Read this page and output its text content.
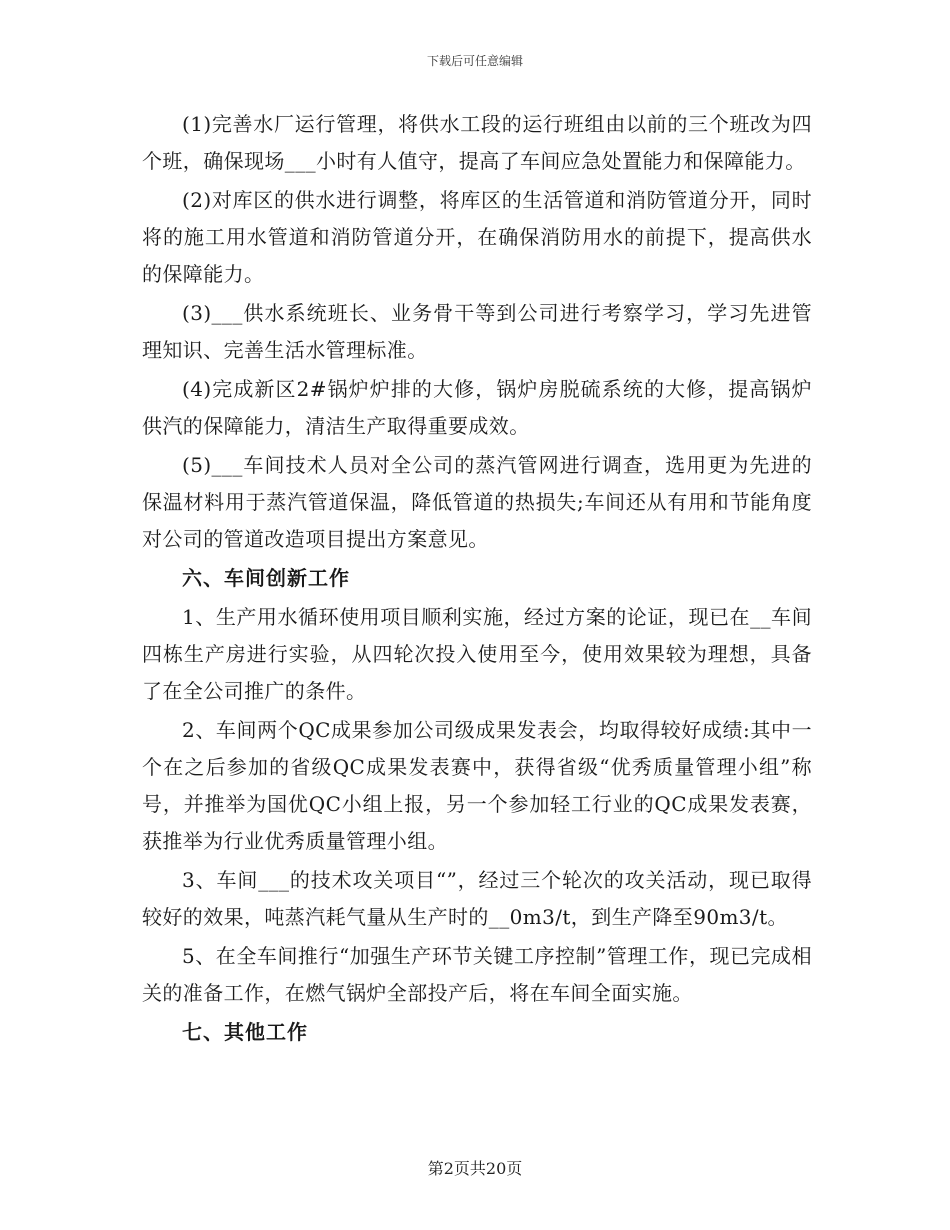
下载后可任意编辑

(1)完善水厂运行管理，将供水工段的运行班组由以前的三个班改为四个班，确保现场___小时有人值守，提高了车间应急处置能力和保障能力。

(2)对库区的供水进行调整，将库区的生活管道和消防管道分开，同时将的施工用水管道和消防管道分开，在确保消防用水的前提下，提高供水的保障能力。

(3)___供水系统班长、业务骨干等到公司进行考察学习，学习先进管理知识、完善生活水管理标准。

(4)完成新区2#锅炉炉排的大修，锅炉房脱硫系统的大修，提高锅炉供汽的保障能力，清洁生产取得重要成效。

(5)___车间技术人员对全公司的蒸汽管网进行调查，选用更为先进的保温材料用于蒸汽管道保温，降低管道的热损失;车间还从有用和节能角度对公司的管道改造项目提出方案意见。

六、车间创新工作

1、生产用水循环使用项目顺利实施，经过方案的论证，现已在__车间四栋生产房进行实验，从四轮次投入使用至今，使用效果较为理想，具备了在全公司推广的条件。

2、车间两个QC成果参加公司级成果发表会，均取得较好成绩:其中一个在之后参加的省级QC成果发表赛中，获得省级“优秀质量管理小组”称号，并推举为国优QC小组上报，另一个参加轻工行业的QC成果发表赛，获推举为行业优秀质量管理小组。

3、车间___的技术攻关项目“”，经过三个轮次的攻关活动，现已取得较好的效果，吨蒸汽耗气量从生产时的__0m3/t，到生产降至90m3/t。

5、在全车间推行“加强生产环节关键工序控制”管理工作，现已完成相关的准备工作，在燃气锅炉全部投产后，将在车间全面实施。

七、其他工作

第2页共20页
